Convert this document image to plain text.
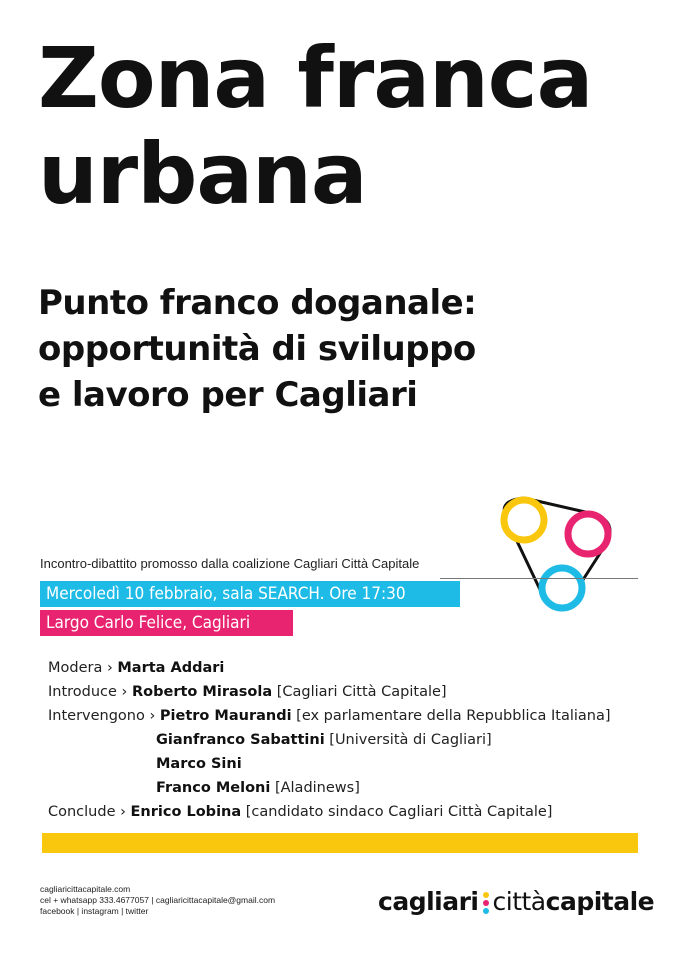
Zona franca
urbana
Punto franco doganale:
opportunità di sviluppo
e lavoro per Cagliari
Incontro-dibattito promosso dalla coalizione Cagliari Città Capitale
Mercoledì 10 febbraio, sala SEARCH. Ore 17:30
Largo Carlo Felice, Cagliari
Modera › Marta Addari
Introduce › Roberto Mirasola [Cagliari Città Capitale]
Intervengono › Pietro Maurandi [ex parlamentare della Repubblica Italiana]
Gianfranco Sabattini [Università di Cagliari]
Marco Sini
Franco Meloni [Aladinews]
Conclude › Enrico Lobina [candidato sindaco Cagliari Città Capitale]
cagliaricittacapitale.com
cel + whatsapp 333.4677057 | cagliaricittacapitale@gmail.com
facebook | instagram | twitter	cagliari cittàcapitale
